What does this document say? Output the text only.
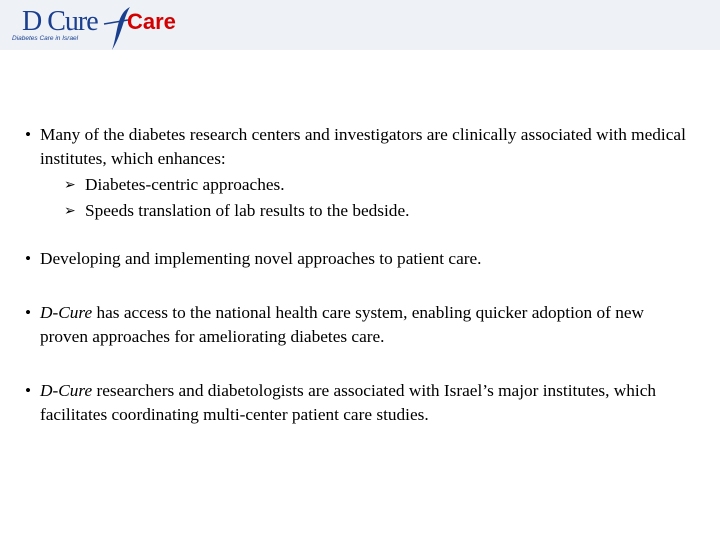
D Cure
Diabetes Care in Israel
Care
• Many of the diabetes research centers and investigators are clinically associated with medical institutes, which enhances:
➢ Diabetes-centric approaches.
➢ Speeds translation of lab results to the bedside.
• Developing and implementing novel approaches to patient care.
• D-Cure has access to the national health care system, enabling quicker adoption of new proven approaches for ameliorating diabetes care.
• D-Cure researchers and diabetologists are associated with Israel’s major institutes, which facilitates coordinating multi-center patient care studies.
